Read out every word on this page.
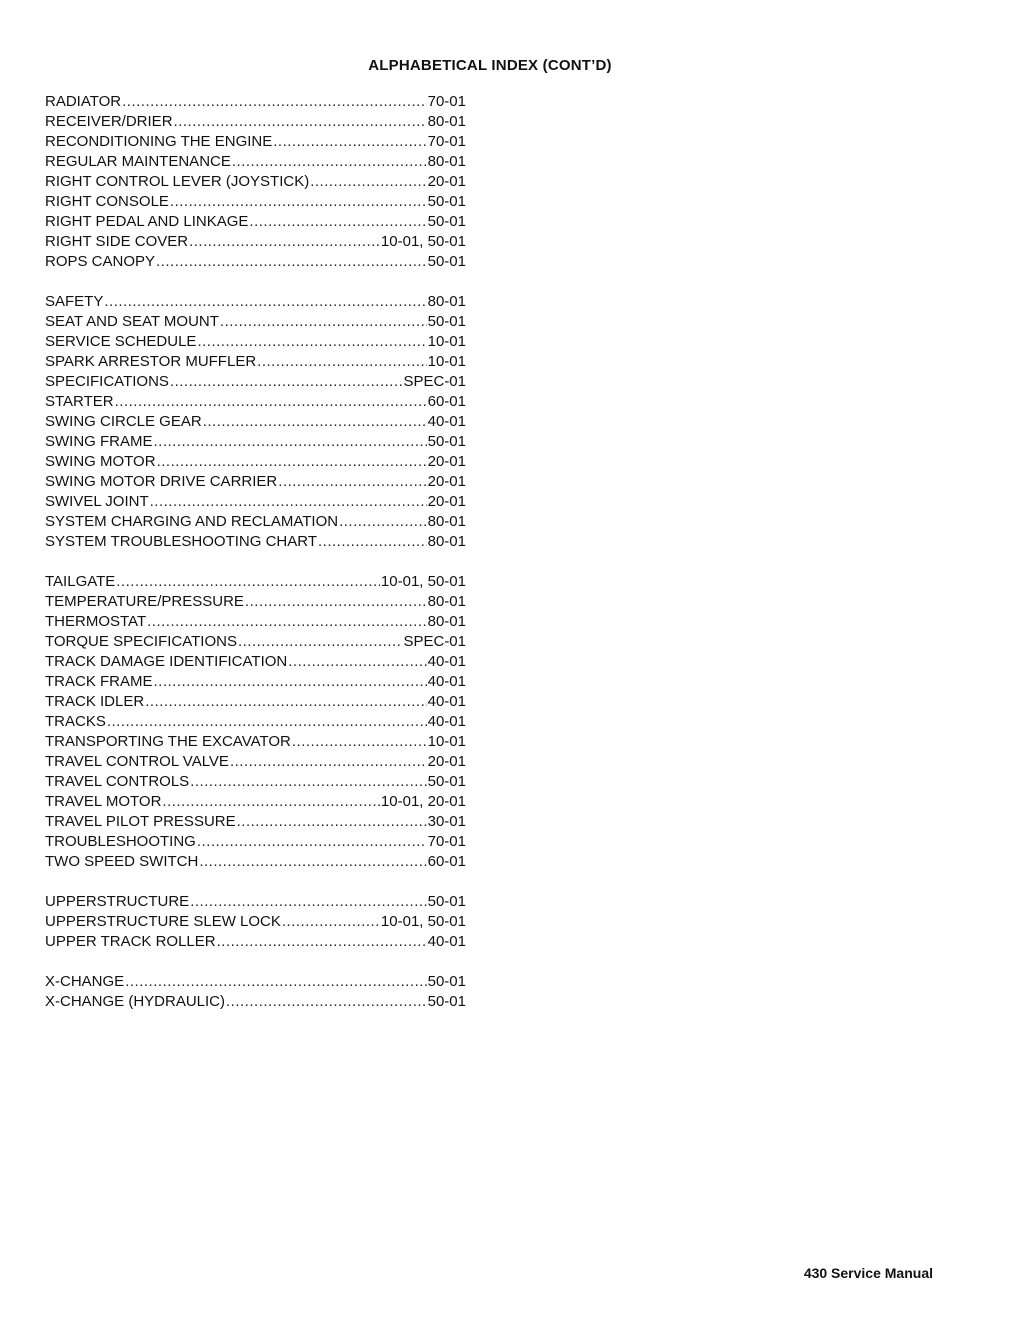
ALPHABETICAL INDEX (CONT’D)
RADIATOR .....	70-01
RECEIVER/DRIER .....	80-01
RECONDITIONING THE ENGINE .....	70-01
REGULAR MAINTENANCE .....	80-01
RIGHT CONTROL LEVER (JOYSTICK) .....	20-01
RIGHT CONSOLE .....	50-01
RIGHT PEDAL AND LINKAGE .....	50-01
RIGHT SIDE COVER .....	10-01, 50-01
ROPS CANOPY .....	50-01
SAFETY .....	80-01
SEAT AND SEAT MOUNT .....	50-01
SERVICE SCHEDULE .....	10-01
SPARK ARRESTOR MUFFLER .....	10-01
SPECIFICATIONS .....	SPEC-01
STARTER .....	60-01
SWING CIRCLE GEAR .....	40-01
SWING FRAME .....	50-01
SWING MOTOR .....	20-01
SWING MOTOR DRIVE CARRIER .....	20-01
SWIVEL JOINT .....	20-01
SYSTEM CHARGING AND RECLAMATION .....	80-01
SYSTEM TROUBLESHOOTING CHART .....	80-01
TAILGATE .....	10-01, 50-01
TEMPERATURE/PRESSURE .....	80-01
THERMOSTAT .....	80-01
TORQUE SPECIFICATIONS .....	SPEC-01
TRACK DAMAGE IDENTIFICATION .....	40-01
TRACK FRAME .....	40-01
TRACK IDLER .....	40-01
TRACKS .....	40-01
TRANSPORTING THE EXCAVATOR .....	10-01
TRAVEL CONTROL VALVE .....	20-01
TRAVEL CONTROLS .....	50-01
TRAVEL MOTOR .....	10-01, 20-01
TRAVEL PILOT PRESSURE .....	30-01
TROUBLESHOOTING .....	70-01
TWO SPEED SWITCH .....	60-01
UPPERSTRUCTURE .....	50-01
UPPERSTRUCTURE SLEW LOCK .....	10-01, 50-01
UPPER TRACK ROLLER .....	40-01
X-CHANGE .....	50-01
X-CHANGE (HYDRAULIC) .....	50-01
430 Service Manual
